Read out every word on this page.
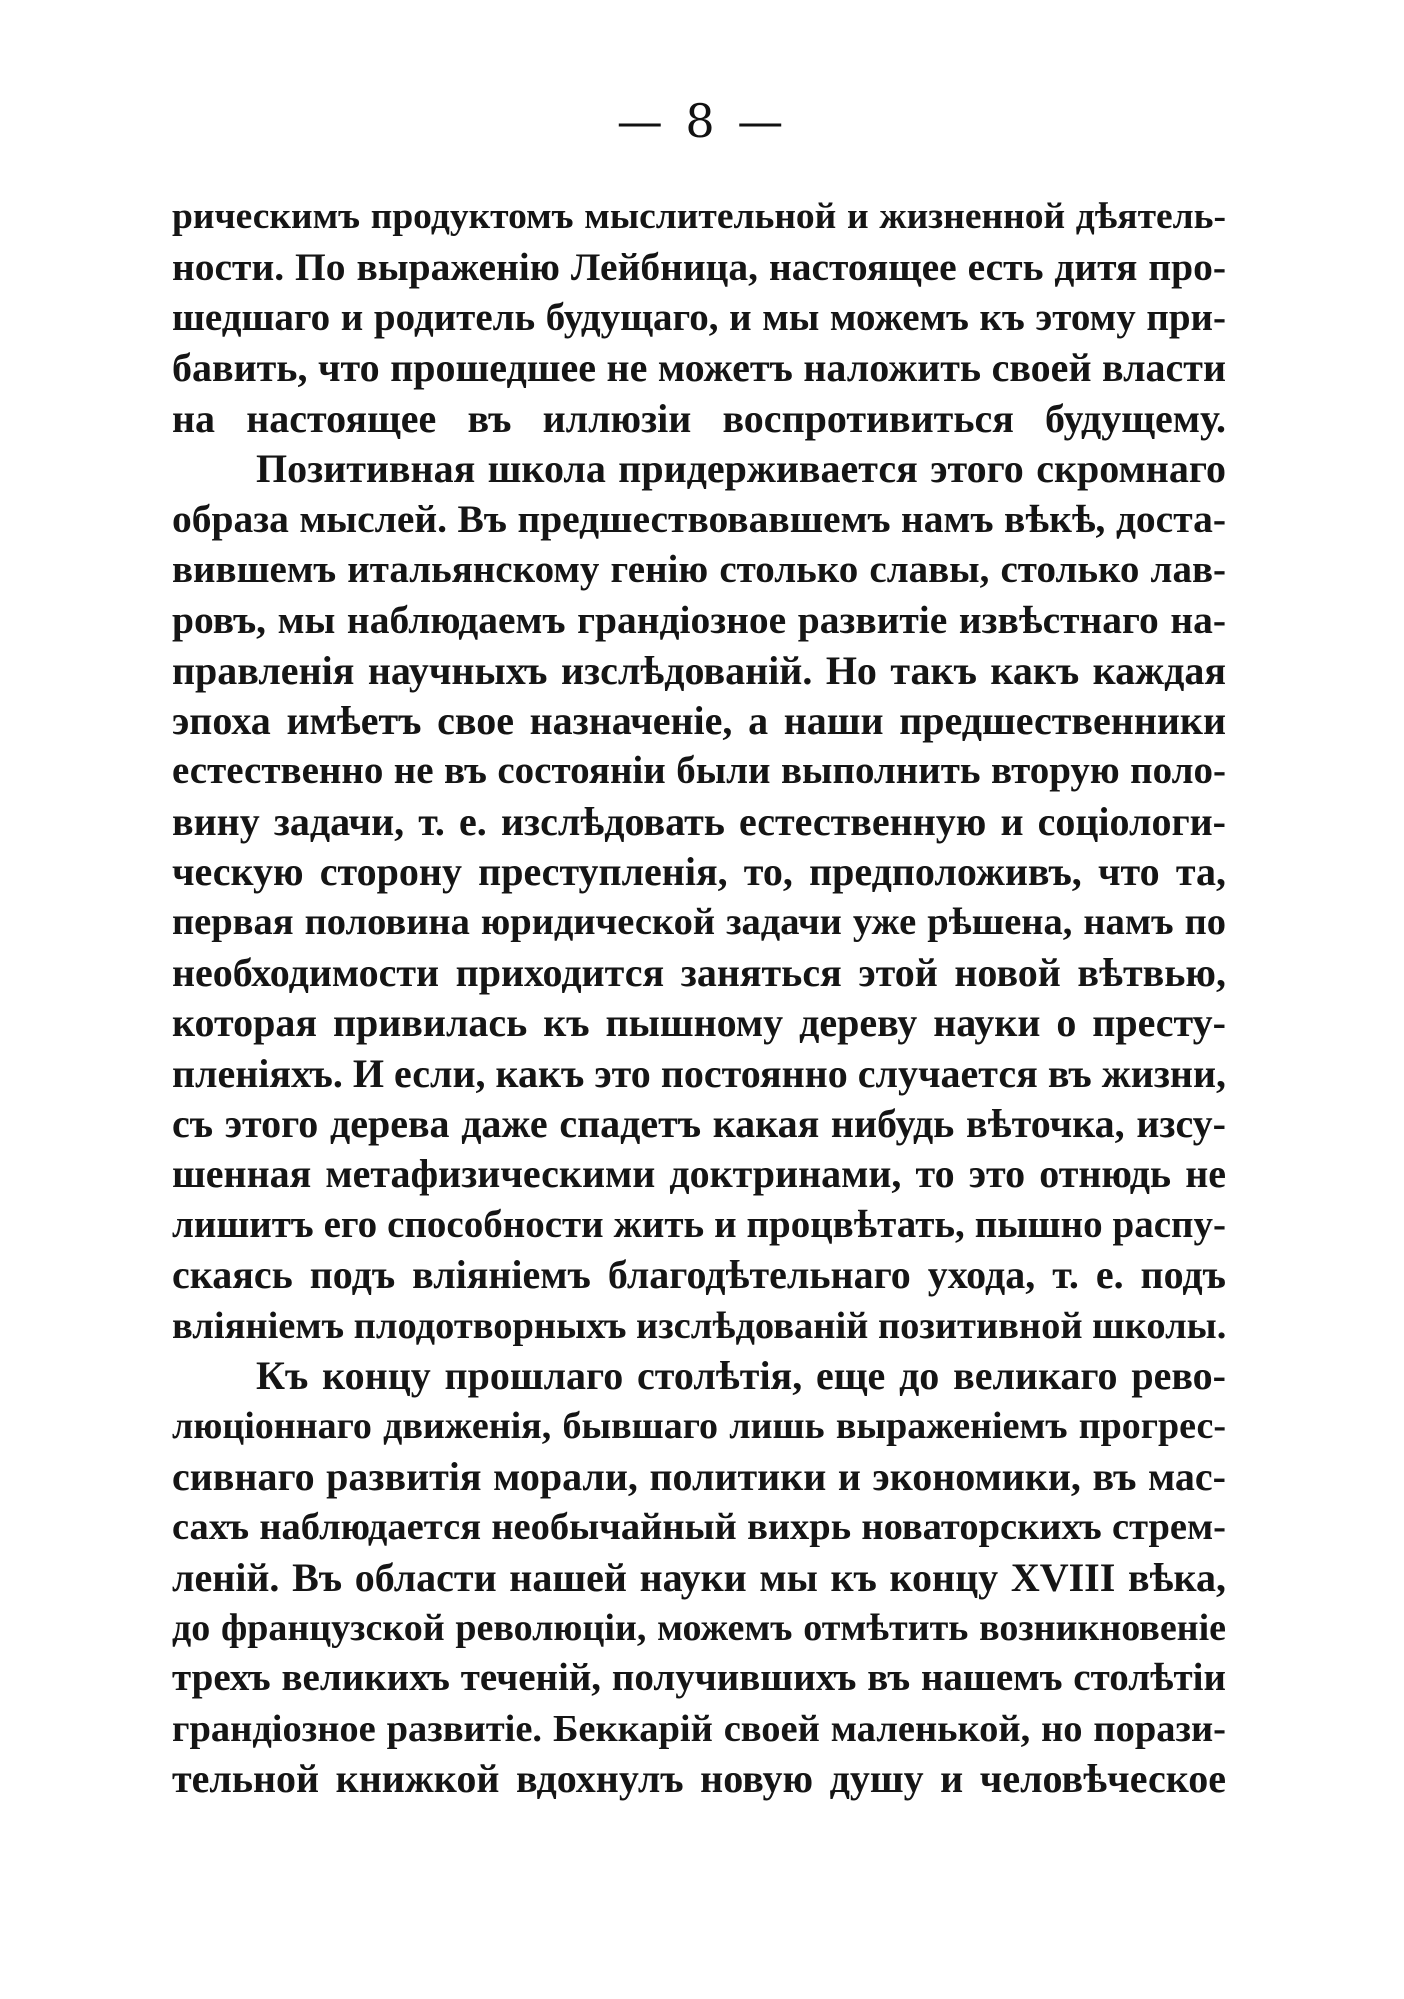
— 8 —
рическимъ продуктомъ мыслительной и жизненной дѣятель-
ности. По выраженію Лейбница, настоящее есть дитя про-
шедшаго и родитель будущаго, и мы можемъ къ этому при-
бавить, что прошедшее не можетъ наложить своей власти
на настоящее въ иллюзіи воспротивиться будущему.
Позитивная школа придерживается этого скромнаго
образа мыслей. Въ предшествовавшемъ намъ вѣкѣ, доста-
вившемъ итальянскому генію столько славы, столько лав-
ровъ, мы наблюдаемъ грандіозное развитіе извѣстнаго на-
правленія научныхъ изслѣдованій. Но такъ какъ каждая
эпоха имѣетъ свое назначеніе, а наши предшественники
естественно не въ состояніи были выполнить вторую поло-
вину задачи, т. е. изслѣдовать естественную и соціологи-
ческую сторону преступленія, то, предположивъ, что та,
первая половина юридической задачи уже рѣшена, намъ по
необходимости приходится заняться этой новой вѣтвью,
которая привилась къ пышному дереву науки о престу-
пленіяхъ. И если, какъ это постоянно случается въ жизни,
съ этого дерева даже спадетъ какая нибудь вѣточка, изсу-
шенная метафизическими доктринами, то это отнюдь не
лишитъ его способности жить и процвѣтать, пышно распу-
скаясь подъ вліяніемъ благодѣтельнаго ухода, т. е. подъ
вліяніемъ плодотворныхъ изслѣдованій позитивной школы.
Къ концу прошлаго столѣтія, еще до великаго рево-
люціоннаго движенія, бывшаго лишь выраженіемъ прогрес-
сивнаго развитія морали, политики и экономики, въ мас-
сахъ наблюдается необычайный вихрь новаторскихъ стрем-
леній. Въ области нашей науки мы къ концу XVIII вѣка,
до французской революціи, можемъ отмѣтить возникновеніе
трехъ великихъ теченій, получившихъ въ нашемъ столѣтіи
грандіозное развитіе. Беккарій своей маленькой, но порази-
тельной книжкой вдохнулъ новую душу и человѣческое
